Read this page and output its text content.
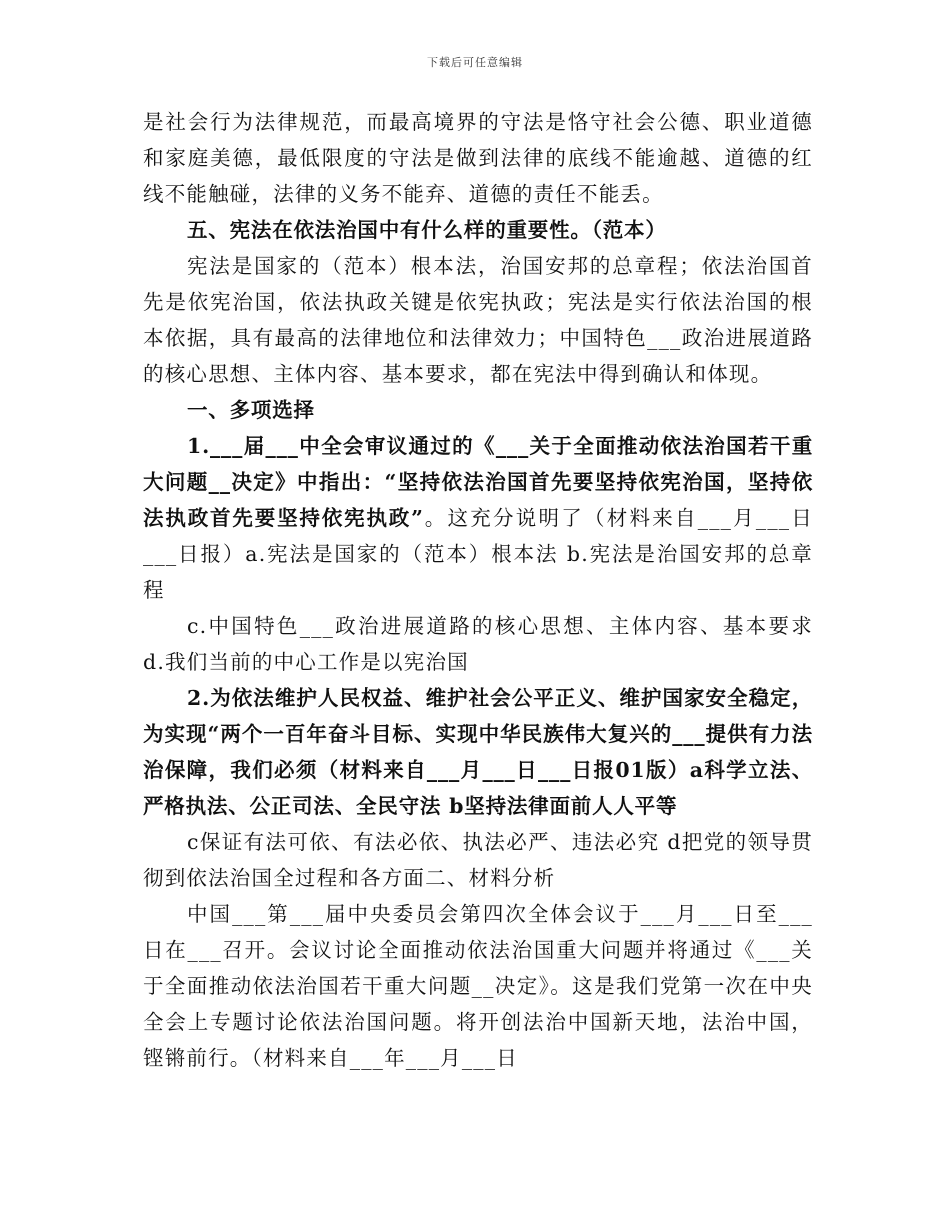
下载后可任意编辑

是社会行为法律规范，而最高境界的守法是恪守社会公德、职业道德和家庭美德，最低限度的守法是做到法律的底线不能逾越、道德的红线不能触碰，法律的义务不能弃、道德的责任不能丢。

五、宪法在依法治国中有什么样的重要性。（范本）

宪法是国家的（范本）根本法，治国安邦的总章程；依法治国首先是依宪治国，依法执政关键是依宪执政；宪法是实行依法治国的根本依据，具有最高的法律地位和法律效力；中国特色___政治进展道路的核心思想、主体内容、基本要求，都在宪法中得到确认和体现。

一、多项选择

1.___届___中全会审议通过的《___关于全面推动依法治国若干重大问题__决定》中指出：“坚持依法治国首先要坚持依宪治国，坚持依法执政首先要坚持依宪执政”。这充分说明了（材料来自___月___日___日报）a.宪法是国家的（范本）根本法 b.宪法是治国安邦的总章程

c.中国特色___政治进展道路的核心思想、主体内容、基本要求 d.我们当前的中心工作是以宪治国

2.为依法维护人民权益、维护社会公平正义、维护国家安全稳定，为实现“两个一百年奋斗目标、实现中华民族伟大复兴的___提供有力法治保障，我们必须（材料来自___月___日___日报01版）a科学立法、严格执法、公正司法、全民守法 b坚持法律面前人人平等

c保证有法可依、有法必依、执法必严、违法必究 d把党的领导贯彻到依法治国全过程和各方面二、材料分析

中国___第___届中央委员会第四次全体会议于___月___日至___日在___召开。会议讨论全面推动依法治国重大问题并将通过《___关于全面推动依法治国若干重大问题__决定》。这是我们党第一次在中央全会上专题讨论依法治国问题。将开创法治中国新天地，法治中国，铿锵前行。（材料来自___年___月___日
